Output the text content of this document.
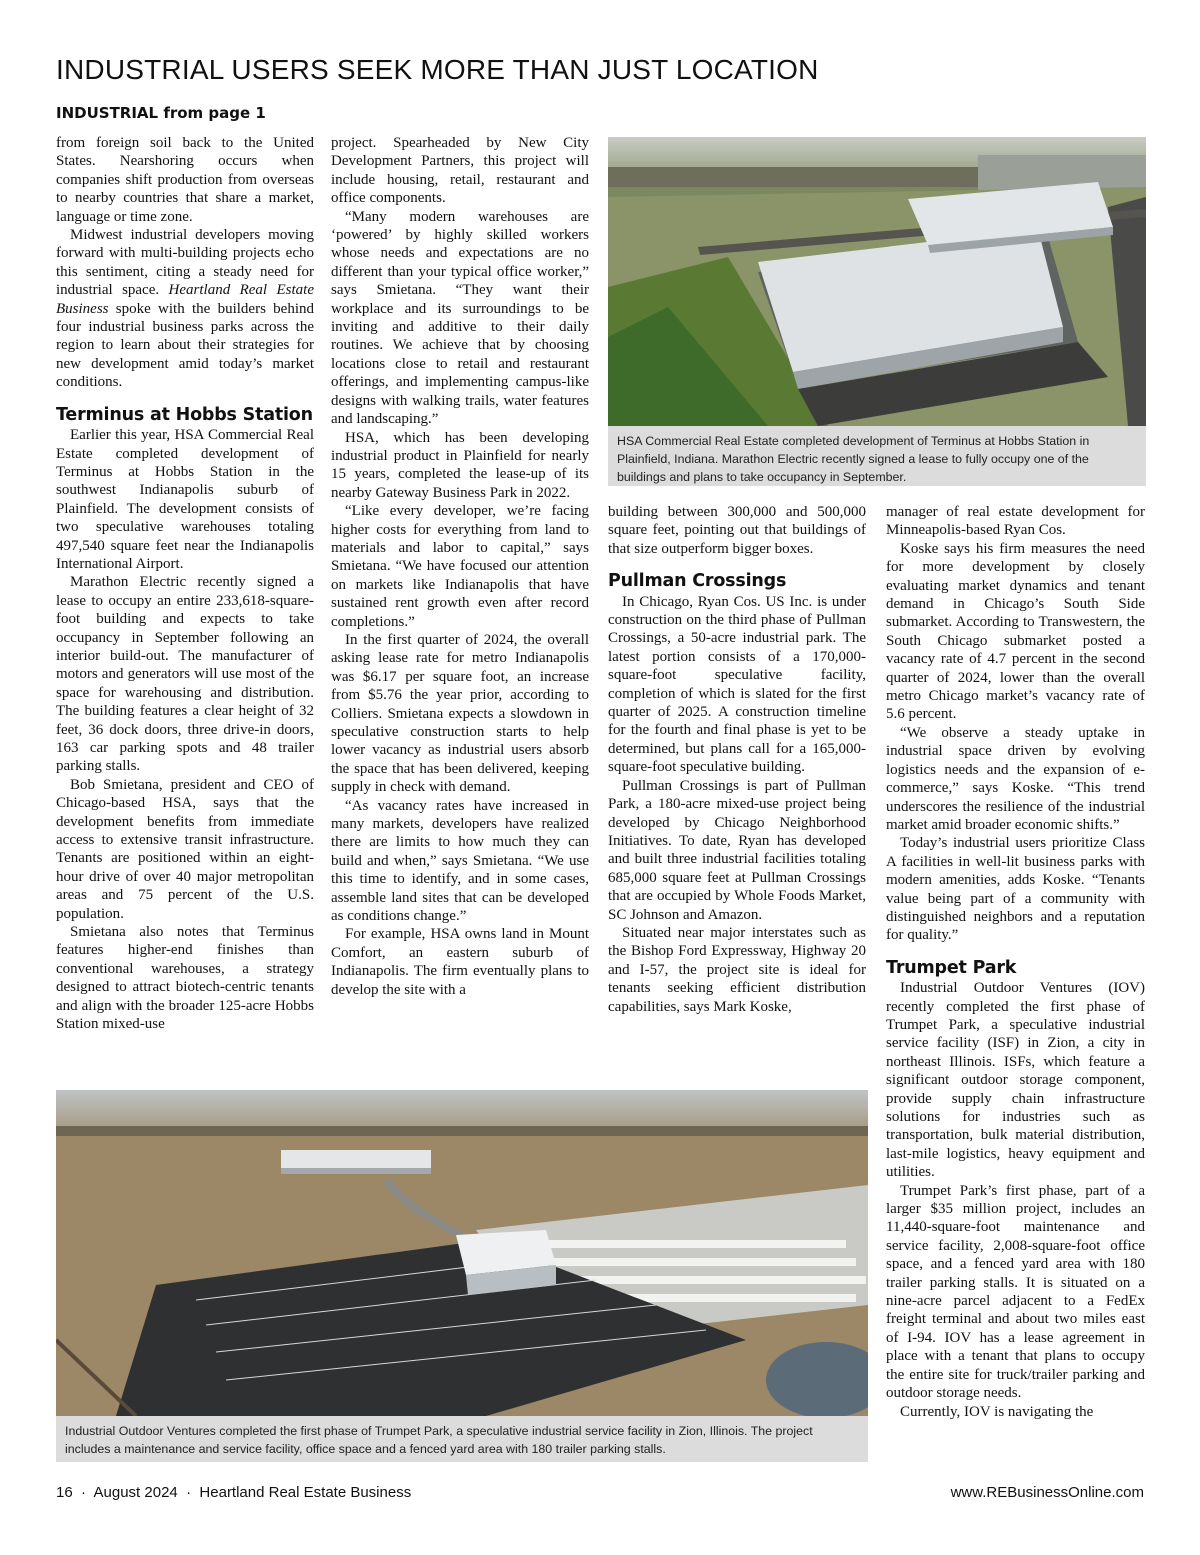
INDUSTRIAL USERS SEEK MORE THAN JUST LOCATION
INDUSTRIAL from page 1

from foreign soil back to the United States. Nearshoring occurs when companies shift production from overseas to nearby countries that share a market, language or time zone.

Midwest industrial developers moving forward with multi-building projects echo this sentiment, citing a steady need for industrial space. Heartland Real Estate Business spoke with the builders behind four industrial business parks across the region to learn about their strategies for new development amid today’s market conditions.

Terminus at Hobbs Station

Earlier this year, HSA Commercial Real Estate completed development of Terminus at Hobbs Station in the southwest Indianapolis suburb of Plainfield. The development consists of two speculative warehouses totaling 497,540 square feet near the Indianapolis International Airport.

Marathon Electric recently signed a lease to occupy an entire 233,618-square-foot building and expects to take occupancy in September following an interior build-out. The manufacturer of motors and generators will use most of the space for warehousing and distribution. The building features a clear height of 32 feet, 36 dock doors, three drive-in doors, 163 car parking spots and 48 trailer parking stalls.

Bob Smietana, president and CEO of Chicago-based HSA, says that the development benefits from immediate access to extensive transit infrastructure. Tenants are positioned within an eight-hour drive of over 40 major metropolitan areas and 75 percent of the U.S. population.

Smietana also notes that Terminus features higher-end finishes than conventional warehouses, a strategy designed to attract biotech-centric tenants and align with the broader 125-acre Hobbs Station mixed-use

project. Spearheaded by New City Development Partners, this project will include housing, retail, restaurant and office components.

“Many modern warehouses are ‘powered’ by highly skilled workers whose needs and expectations are no different than your typical office worker,” says Smietana. “They want their workplace and its surroundings to be inviting and additive to their daily routines. We achieve that by choosing locations close to retail and restaurant offerings, and implementing campus-like designs with walking trails, water features and landscaping.”

HSA, which has been developing industrial product in Plainfield for nearly 15 years, completed the lease-up of its nearby Gateway Business Park in 2022.

“Like every developer, we’re facing higher costs for everything from land to materials and labor to capital,” says Smietana. “We have focused our attention on markets like Indianapolis that have sustained rent growth even after record completions.”

In the first quarter of 2024, the overall asking lease rate for metro Indianapolis was $6.17 per square foot, an increase from $5.76 the year prior, according to Colliers. Smietana expects a slowdown in speculative construction starts to help lower vacancy as industrial users absorb the space that has been delivered, keeping supply in check with demand.

“As vacancy rates have increased in many markets, developers have realized there are limits to how much they can build and when,” says Smietana. “We use this time to identify, and in some cases, assemble land sites that can be developed as conditions change.”

For example, HSA owns land in Mount Comfort, an eastern suburb of Indianapolis. The firm eventually plans to develop the site with a

HSA Commercial Real Estate completed development of Terminus at Hobbs Station in Plainfield, Indiana. Marathon Electric recently signed a lease to fully occupy one of the buildings and plans to take occupancy in September.

building between 300,000 and 500,000 square feet, pointing out that buildings of that size outperform bigger boxes.

Pullman Crossings

In Chicago, Ryan Cos. US Inc. is under construction on the third phase of Pullman Crossings, a 50-acre industrial park. The latest portion consists of a 170,000-square-foot speculative facility, completion of which is slated for the first quarter of 2025. A construction timeline for the fourth and final phase is yet to be determined, but plans call for a 165,000-square-foot speculative building.

Pullman Crossings is part of Pullman Park, a 180-acre mixed-use project being developed by Chicago Neighborhood Initiatives. To date, Ryan has developed and built three industrial facilities totaling 685,000 square feet at Pullman Crossings that are occupied by Whole Foods Market, SC Johnson and Amazon.

Situated near major interstates such as the Bishop Ford Expressway, Highway 20 and I-57, the project site is ideal for tenants seeking efficient distribution capabilities, says Mark Koske,

manager of real estate development for Minneapolis-based Ryan Cos.

Koske says his firm measures the need for more development by closely evaluating market dynamics and tenant demand in Chicago’s South Side submarket. According to Transwestern, the South Chicago submarket posted a vacancy rate of 4.7 percent in the second quarter of 2024, lower than the overall metro Chicago market’s vacancy rate of 5.6 percent.

“We observe a steady uptake in industrial space driven by evolving logistics needs and the expansion of e-commerce,” says Koske. “This trend underscores the resilience of the industrial market amid broader economic shifts.”

Today’s industrial users prioritize Class A facilities in well-lit business parks with modern amenities, adds Koske. “Tenants value being part of a community with distinguished neighbors and a reputation for quality.”

Trumpet Park

Industrial Outdoor Ventures (IOV) recently completed the first phase of Trumpet Park, a speculative industrial service facility (ISF) in Zion, a city in northeast Illinois. ISFs, which feature a significant outdoor storage component, provide supply chain infrastructure solutions for industries such as transportation, bulk material distribution, last-mile logistics, heavy equipment and utilities.

Trumpet Park’s first phase, part of a larger $35 million project, includes an 11,440-square-foot maintenance and service facility, 2,008-square-foot office space, and a fenced yard area with 180 trailer parking stalls. It is situated on a nine-acre parcel adjacent to a FedEx freight terminal and about two miles east of I-94. IOV has a lease agreement in place with a tenant that plans to occupy the entire site for truck/trailer parking and outdoor storage needs.

Currently, IOV is navigating the

Industrial Outdoor Ventures completed the first phase of Trumpet Park, a speculative industrial service facility in Zion, Illinois. The project includes a maintenance and service facility, office space and a fenced yard area with 180 trailer parking stalls.
16  ·  August 2024  ·  Heartland Real Estate Business	www.REBusinessOnline.com
